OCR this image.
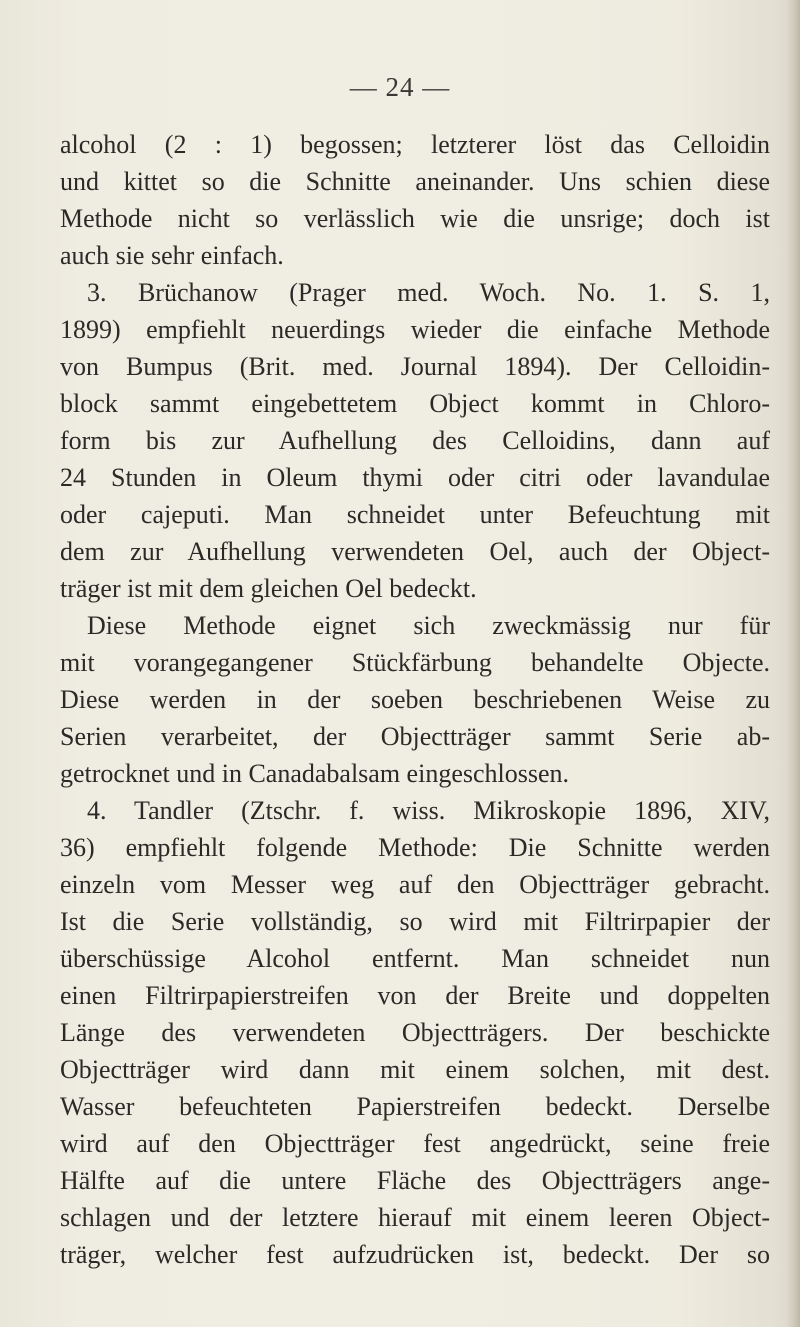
— 24 —
alcohol (2 : 1) begossen; letzterer löst das Celloidin
und kittet so die Schnitte aneinander. Uns schien diese
Methode nicht so verlässlich wie die unsrige; doch ist
auch sie sehr einfach.
3. Brüchanow (Prager med. Woch. No. 1. S. 1,
1899) empfiehlt neuerdings wieder die einfache Methode
von Bumpus (Brit. med. Journal 1894). Der Celloidin-
block sammt eingebettetem Object kommt in Chloro-
form bis zur Aufhellung des Celloidins, dann auf
24 Stunden in Oleum thymi oder citri oder lavandulae
oder cajeputi. Man schneidet unter Befeuchtung mit
dem zur Aufhellung verwendeten Oel, auch der Object-
träger ist mit dem gleichen Oel bedeckt.
Diese Methode eignet sich zweckmässig nur für
mit vorangegangener Stückfärbung behandelte Objecte.
Diese werden in der soeben beschriebenen Weise zu
Serien verarbeitet, der Objectträger sammt Serie ab-
getrocknet und in Canadabalsam eingeschlossen.
4. Tandler (Ztschr. f. wiss. Mikroskopie 1896, XIV,
36) empfiehlt folgende Methode: Die Schnitte werden
einzeln vom Messer weg auf den Objectträger gebracht.
Ist die Serie vollständig, so wird mit Filtrirpapier der
überschüssige Alcohol entfernt. Man schneidet nun
einen Filtrirpapierstreifen von der Breite und doppelten
Länge des verwendeten Objectträgers. Der beschickte
Objectträger wird dann mit einem solchen, mit dest.
Wasser befeuchteten Papierstreifen bedeckt. Derselbe
wird auf den Objectträger fest angedrückt, seine freie
Hälfte auf die untere Fläche des Objectträgers ange-
schlagen und der letztere hierauf mit einem leeren Object-
träger, welcher fest aufzudrücken ist, bedeckt. Der so
